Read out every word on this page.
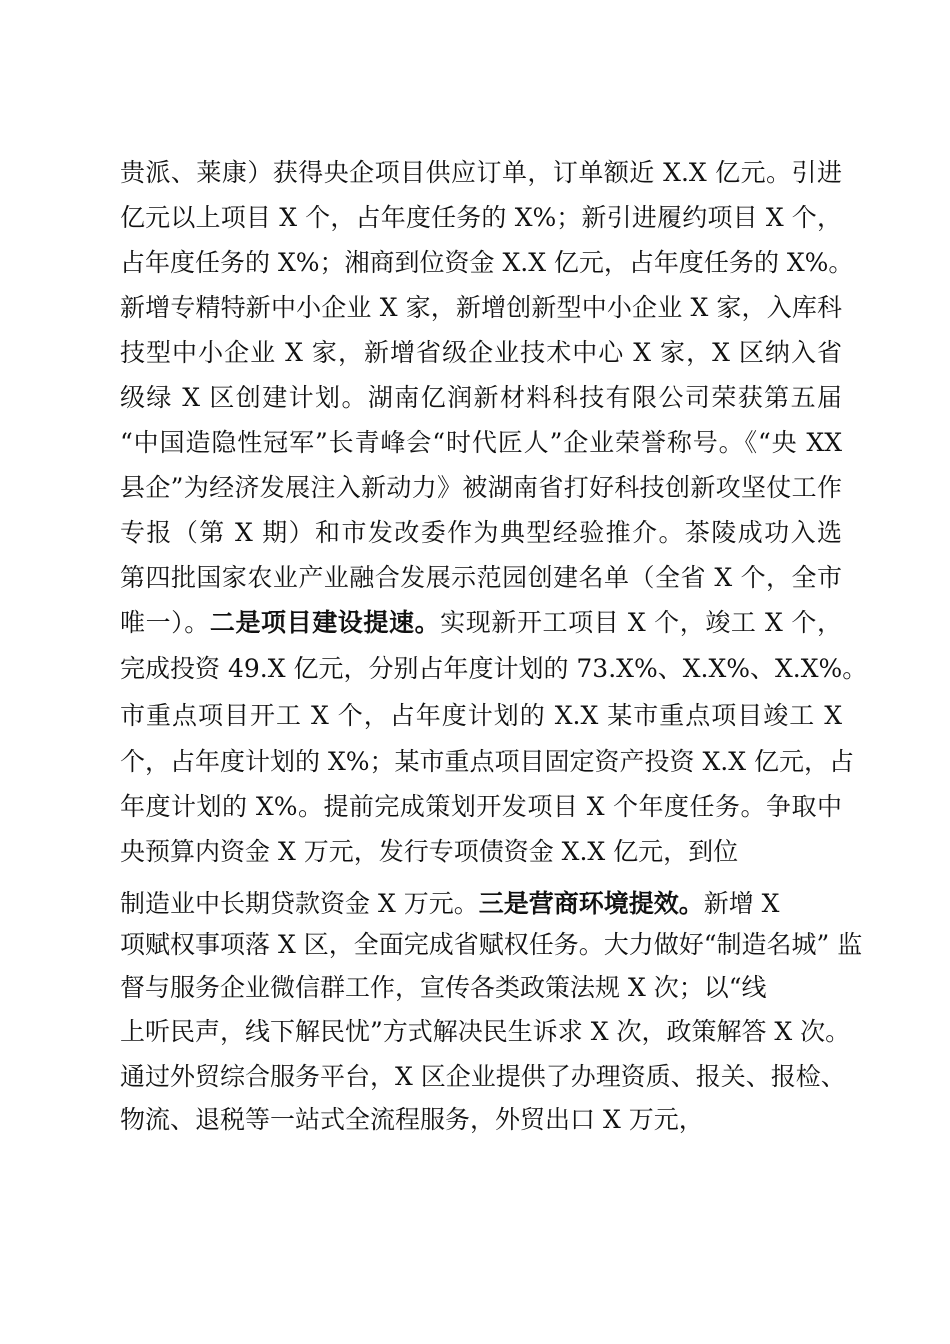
贵派、莱康）获得央企项目供应订单，订单额近 X.X 亿元。引进
亿元以上项目 X 个，占年度任务的 X%；新引进履约项目 X 个，
占年度任务的 X%；湘商到位资金 X.X 亿元，占年度任务的 X%。
新增专精特新中小企业 X 家，新增创新型中小企业 X 家，入库科
技型中小企业 X 家，新增省级企业技术中心 X 家，X 区纳入省
级绿 X 区创建计划。湖南亿润新材料科技有限公司荣获第五届
“中国造隐性冠军”长青峰会“时代匠人”企业荣誉称号。《“央 XX
县企”为经济发展注入新动力》被湖南省打好科技创新攻坚仗工作
专报（第 X 期）和市发改委作为典型经验推介。茶陵成功入选
第四批国家农业产业融合发展示范园创建名单（全省 X 个，全市
唯一）。二是项目建设提速。实现新开工项目 X 个，竣工 X 个，
完成投资 49.X 亿元，分别占年度计划的 73.X%、X.X%、X.X%。
市重点项目开工 X 个，占年度计划的 X.X 某市重点项目竣工 X
个，占年度计划的 X%；某市重点项目固定资产投资 X.X 亿元，占
年度计划的 X%。提前完成策划开发项目 X 个年度任务。争取中
央预算内资金 X 万元，发行专项债资金 X.X 亿元，到位
制造业中长期贷款资金 X 万元。三是营商环境提效。新增 X
项赋权事项落 X 区，全面完成省赋权任务。大力做好“制造名城” 监
督与服务企业微信群工作，宣传各类政策法规 X 次；以“线
上听民声，线下解民忧”方式解决民生诉求 X 次，政策解答 X 次。
通过外贸综合服务平台，X 区企业提供了办理资质、报关、报检、
物流、退税等一站式全流程服务，外贸出口 X 万元，
